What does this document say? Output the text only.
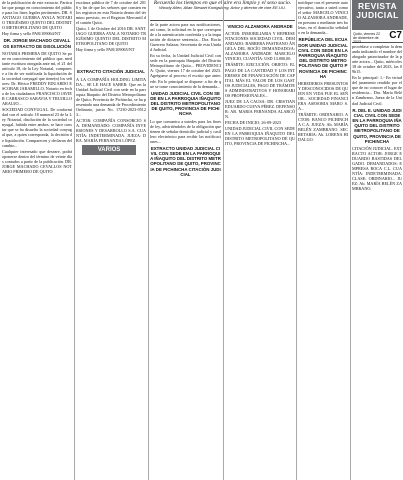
REVISTA
JUDICIAL
Quito, viernes 22 de diciembre de 2023
C7
Recuerda los tiempos en que el aire era limpio y el sexo sucio.
Woody Allen, Allan Stewart Konigsberg. Actor y director de cine EE.UU.

de la publicación de este extracto. Particular que pongo en conocimiento del público para los fines legales pertinentes. DR. SANTIAGO GUERRA AYALA NOTARIO TRIGÉSIMO QUINTO DEL DISTRITO METROPOLITANO DE QUITO

Hay firma y sello PAR/109064/NT

DR. JORGE MACHADO CEVALLOS EXTRACTO DE DISOLUCIÓN

NOTARIA PRIMERA DE QUITO Se pone en conocimiento del público que, mediante escritura otorgada ante mí, el 21 del artículo 18, de la Ley Notarial, comparece a fin de ser notificada la liquidación de la sociedad conyugal que tiene(n) los señores: Dr. Héctor FREDDY EDUARDO ESCOBAR JARAMILLO, Notario en fecha de los ciudadanos FRANCISCO JAVIER CARRASCO SARAVIA Y TRUJILLO ARAUJO...

SOCIEDAD CONYUGAL. De conformidad con el artículo 18 numeral 23 de la Ley Notarial, disolución de la sociedad conyugal, habida entre ambos, se hace constar que se ha disuelto la sociedad conyugal que, a quien corresponda, la decisión de liquidación. Comparecen y declaran del cambio...

Cualquier interesado que deseare, podrá oponerse dentro del término de veinte días contados a partir de la publicación. DR. JORGE MACHADO CEVALLOS NOTARIO PRIMERO DE QUITO

escritura pública de 7 de octubre del 2016 y fin de que los señores que consten en los registros en esta Notaría dentro del término previsto, en el Registro Mercantil del cantón Quito.

Quito, 1 de Octubre del 2016 DR. SANTIAGO GUERRA AYALA NOTARIO TRIGÉSIMO QUINTO DEL DISTRITO METROPOLITANO DE QUITO

Hay firma y sello PAR/109065/NT

EXTRACTO CITACIÓN JUDICIAL

A LA COMPAÑÍA HOLDING LIMITADA... SE LE HACE SABER: Que en la Unidad Judicial Civil con sede en la parroquia Iñaquito del Distrito Metropolitano de Quito, Provincia de Pichincha, se ha presentado una demanda de Procedimiento Ordinario, juicio No. 17230-2023-05123...

ACTOR: COMPAÑÍA CONSORCIO SA. DEMANDADO: COMPAÑÍA INVERSIONES Y DESARROLLO S.A. CUANTÍA: INDETERMINADA. JUEZA: DRA. MARÍA FERNANDA LÓPEZ.

VARIOS

de la parte actora para sus notificaciones, así como, la solicitud en lo que corresponde a la autenticación conferida y a la imputación de dictarse sentencia... Dra. Rocío Guerrero Salazar, Secretaria de esta Unidad Judicial.

En su fecha, la Unidad Judicial Civil con sede en la parroquia Iñaquito del Distrito Metropolitano de Quito... PROVIDENCIA: Quito, viernes 17 de octubre del 2023. Agréguese al proceso el escrito que antecede. En lo principal se dispone: a fin de que se tome conocimiento de la demanda...

UNIDAD JUDICIAL CIVIL CON SEDE EN LA PARROQUIA IÑAQUITO DEL DISTRITO METROPOLITANO DE QUITO, PROVINCIA DE PICHINCHA

Lo que comunico a ustedes para los fines de ley, advirtiéndoles de la obligación que tienen de señalar domicilio judicial y casillero electrónico para recibir las notificaciones...

EXTRACTO UNIDAD JUDICIAL CIVIL CON SEDE EN LA PARROQUIA IÑAQUITO DEL DISTRITO METROPOLITANO DE QUITO, PROVINCIA DE PICHINCHA CITACIÓN JUDICIAL

VINICIO ALZAMORA ANDRADE

ACTOR: INMOBILIARIA Y REPRESENTACIONES SOCIEDAD CIVIL. DEMANDADO: BARRERA PASTRANO ÁNGELA DEL ROCÍO DEMANDADO/A: ALZAMORA ANDRADE MARCELO VINICIO, CUANTÍA: USD 13.000,00.

TRÁMITE: EJECUCIÓN. OBJETO: EL PAGO DE LA CANTIDAD Y LOS INTERESES DE FINANCIACIÓN DE CAPITAL MÁS EL VALOR DE LOS GASTOS JUDICIALES, PAGO DE TRÁMITES ADMINISTRATIVOS Y HONORARIOS PROFESIONALES...

JUEZ DE LA CAUSA: DR. CRISTIAN EDUARDO CUEVA PÉREZ. DEFENSOR: AB. MARIA FERNANDA ALARCÓN.

FECHA DE INICIO: 26-09-2023

UNIDAD JUDICIAL CIVIL CON SEDE EN LA PARROQUIA IÑAQUITO DEL DISTRITO METROPOLITANO DE QUITO, PROVINCIA DE PICHINCHA...

notifique con el presente auto ejecutivo, tanto a usted como el señor MARCELO VINICIO ALZAMORA ANDRADE, en persona o mediante tres boletas, en el domicilio señalado en la demanda...

REPÚBLICA DEL ECUADOR UNIDAD JUDICIAL CIVIL CON SEDE EN LA PARROQUIA IÑAQUITO DEL DISTRITO METROPOLITANO DE QUITO PROVINCIA DE PICHINCHA

HEREDEROS PRESUNTOS Y DESCONOCIDOS DE QUIEN EN VIDA FUE EL SEÑOR... SOCIEDAD FINANCIERA ASESORIA MARO S.A...

TRÁMITE: ORDINARIO. ACTOR: BANCO PICHINCHA C.A. JUEZA: Ab. MARÍA BELÉN ZAMBRANO. SECRETARIA: Ab. LORENA HIDALGO.

procédase a completar la demanda indicando el nombre del abogado patrocinador de la parte actora... Quito, miércoles 18 de octubre del 2023, las 09h15.

En lo principal: 1.- En virtud del juramento rendido por el que de no conocer el lugar de residencia... Dra. María Belén Zambrano, Jueza de la Unidad Judicial Civil.

R. DEL E. UNIDAD JUDICIAL CIVIL CON SEDE EN LA PARROQUIA IÑAQUITO DEL DISTRITO METROPOLITANO DE QUITO, PROVINCIA DE PICHINCHA

CITACIÓN JUDICIAL. EXTRACTO ACTOR: JORGE EDUARDO BASTIDAS DELGADO. DEMANDADOS: EMPRESA ROCA C.L. CUANTÍA: INDETERMINADA. CLASE: ORDINARIO... JUEZ: Ab. MARÍA BELÉN ZAMBRANO.
